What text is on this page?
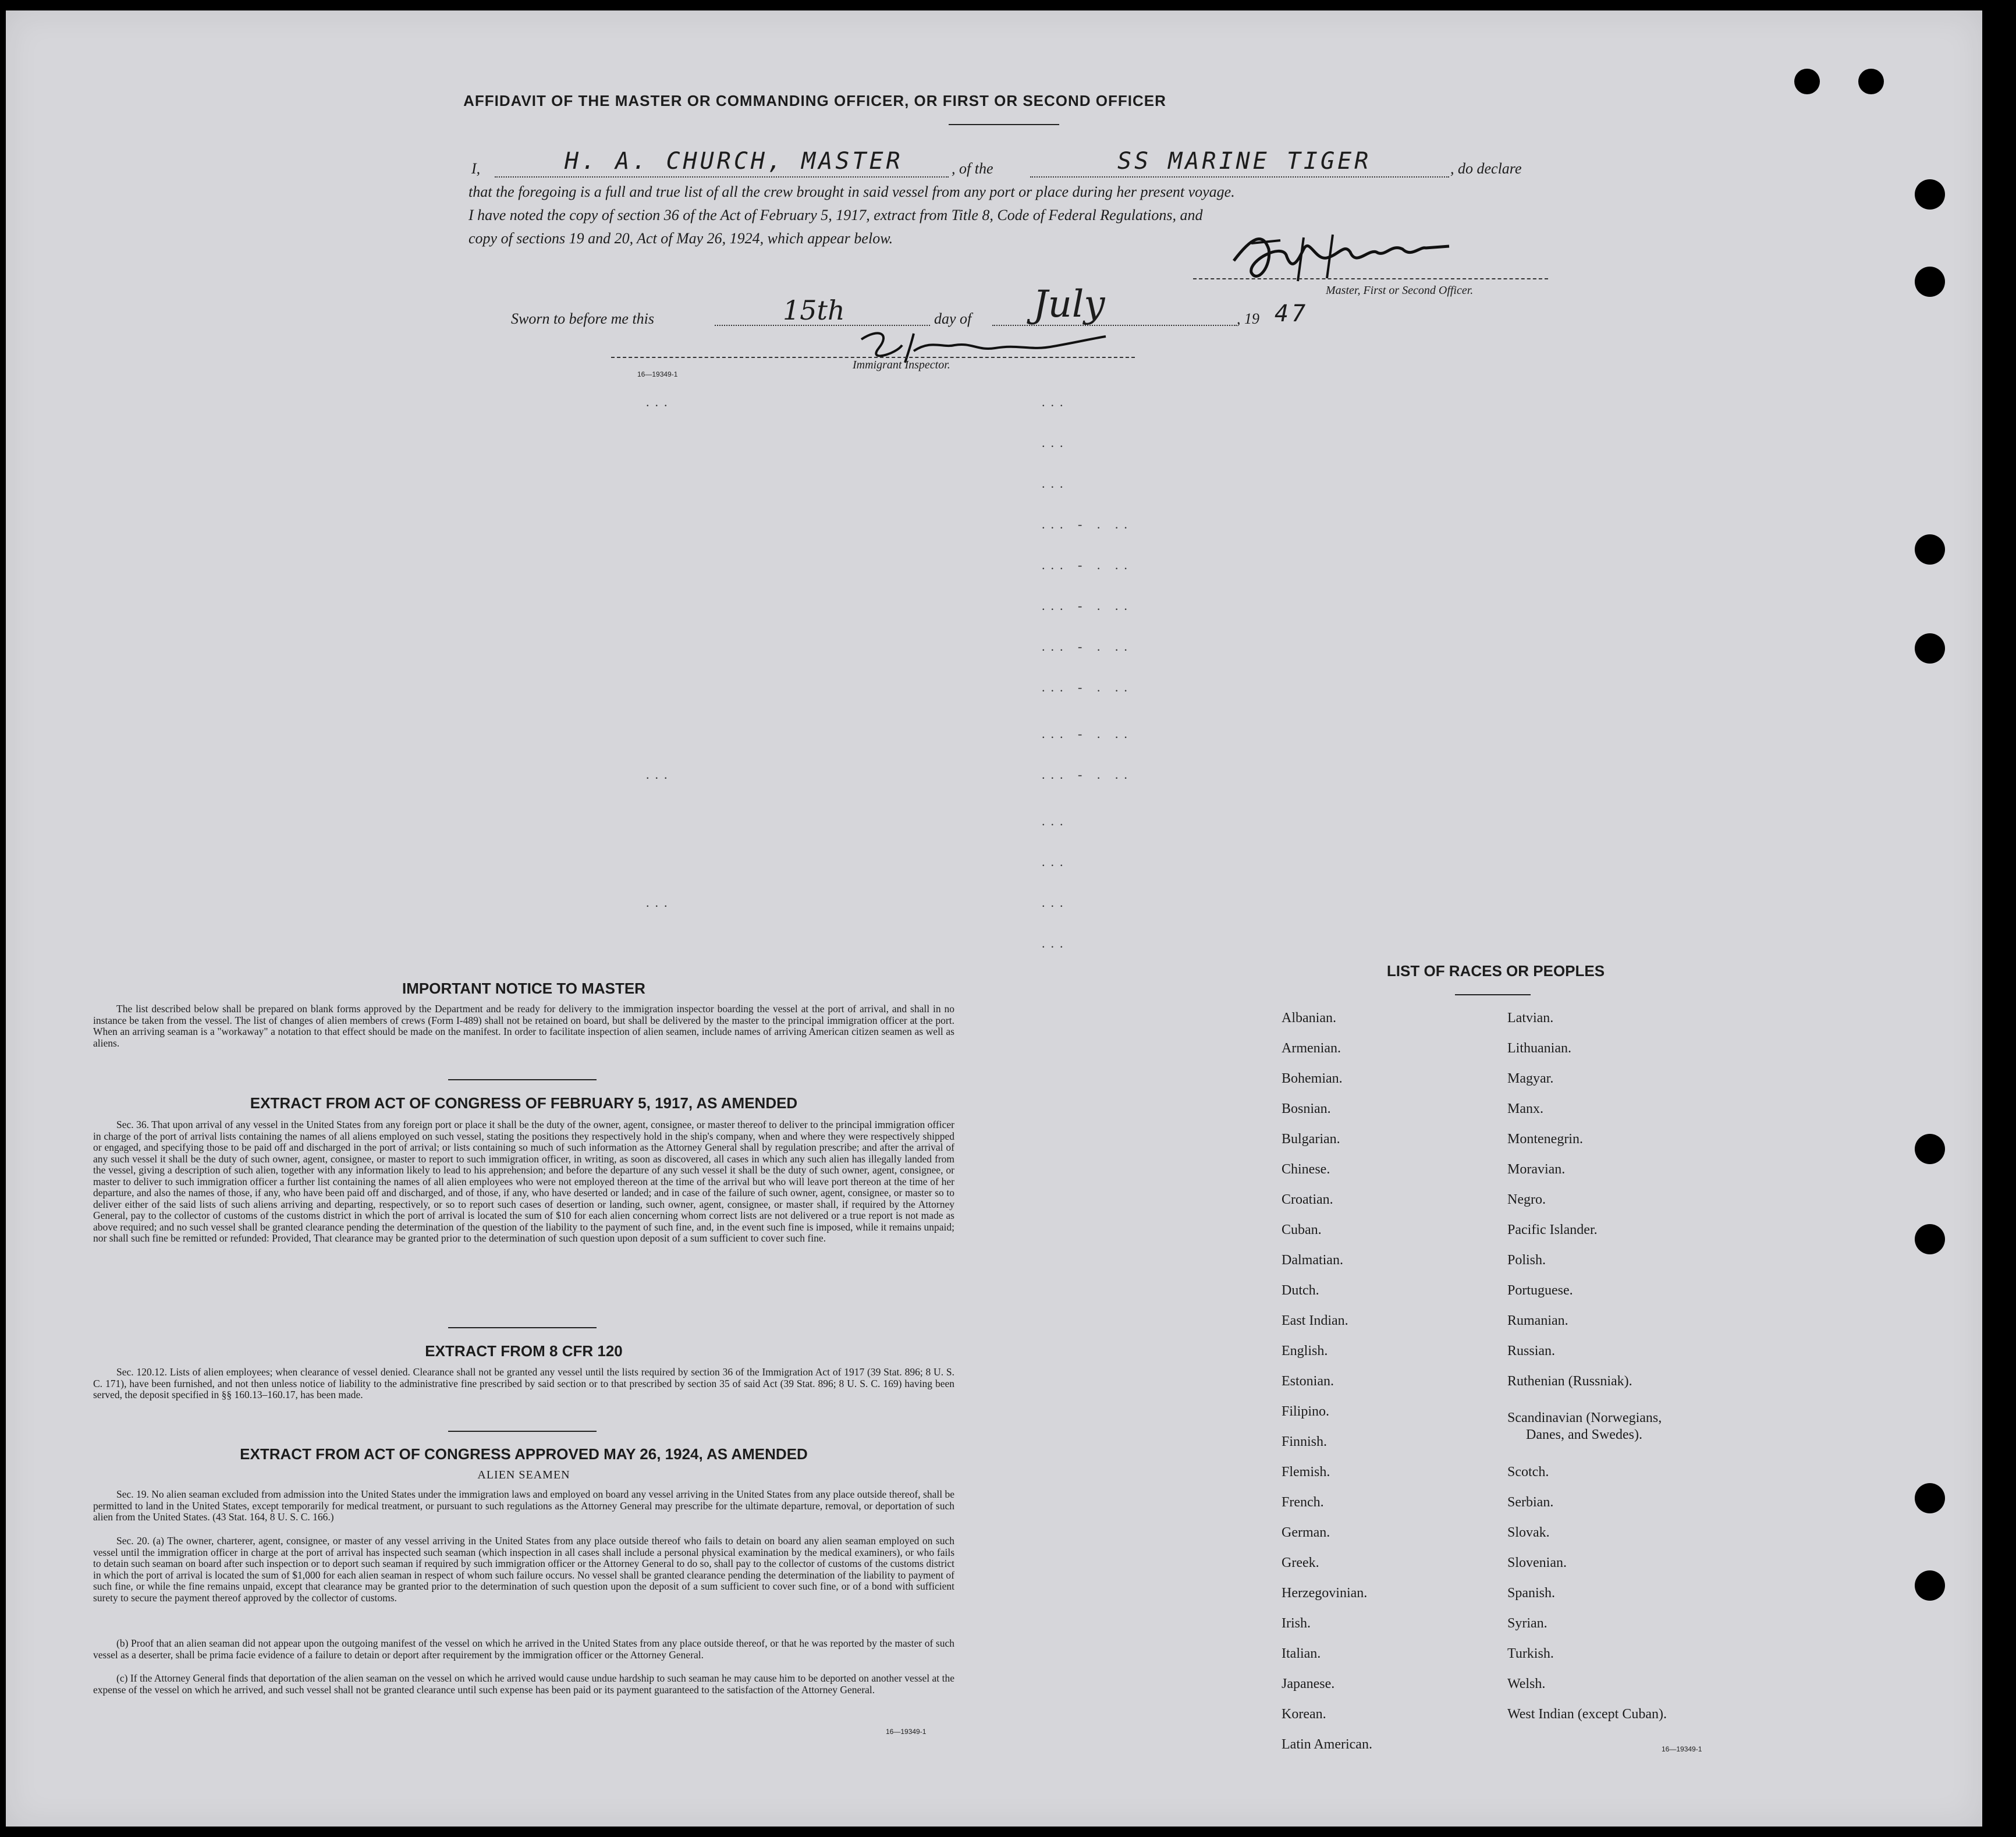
AFFIDAVIT OF THE MASTER OR COMMANDING OFFICER, OR FIRST OR SECOND OFFICER
I,	H. A. CHURCH, MASTER	, of the	SS MARINE TIGER	, do declare
that the foregoing is a full and true list of all the crew brought in said vessel from any port or place during her present voyage.
I have noted the copy of section 36 of the Act of February 5, 1917, extract from Title 8, Code of Federal Regulations, and
copy of sections 19 and 20, Act of May 26, 1924, which appear below.
Master, First or Second Officer.
Sworn to before me this	15th	day of July	, 19 47
16—19349-1
Immigrant Inspector.
...	...
...
...
... - . ..
... - . ..
... - . ..
... - . ..
... - . ..
... - . ..
...	... - . ..
...
...
...	...
...
IMPORTANT NOTICE TO MASTER
The list described below shall be prepared on blank forms approved by the Department and be ready for delivery to the immigration inspector boarding the vessel at the port of arrival, and shall in no instance be taken from the vessel. The list of changes of alien members of crews (Form I-489) shall not be retained on board, but shall be delivered by the master to the principal immigration officer at the port. When an arriving seaman is a "workaway" a notation to that effect should be made on the manifest. In order to facilitate inspection of alien seamen, include names of arriving American citizen seamen as well as aliens.
EXTRACT FROM ACT OF CONGRESS OF FEBRUARY 5, 1917, AS AMENDED
Sec. 36. That upon arrival of any vessel in the United States from any foreign port or place it shall be the duty of the owner, agent, consignee, or master thereof to deliver to the principal immigration officer in charge of the port of arrival lists containing the names of all aliens employed on such vessel, stating the positions they respectively hold in the ship's company, when and where they were respectively shipped or engaged, and specifying those to be paid off and discharged in the port of arrival; or lists containing so much of such information as the Attorney General shall by regulation prescribe; and after the arrival of any such vessel it shall be the duty of such owner, agent, consignee, or master to report to such immigration officer, in writing, as soon as discovered, all cases in which any such alien has illegally landed from the vessel, giving a description of such alien, together with any information likely to lead to his apprehension; and before the departure of any such vessel it shall be the duty of such owner, agent, consignee, or master to deliver to such immigration officer a further list containing the names of all alien employees who were not employed thereon at the time of the arrival but who will leave port thereon at the time of her departure, and also the names of those, if any, who have been paid off and discharged, and of those, if any, who have deserted or landed; and in case of the failure of such owner, agent, consignee, or master so to deliver either of the said lists of such aliens arriving and departing, respectively, or so to report such cases of desertion or landing, such owner, agent, consignee, or master shall, if required by the Attorney General, pay to the collector of customs of the customs district in which the port of arrival is located the sum of $10 for each alien concerning whom correct lists are not delivered or a true report is not made as above required; and no such vessel shall be granted clearance pending the determination of the question of the liability to the payment of such fine, and, in the event such fine is imposed, while it remains unpaid; nor shall such fine be remitted or refunded: Provided, That clearance may be granted prior to the determination of such question upon deposit of a sum sufficient to cover such fine.
EXTRACT FROM 8 CFR 120
Sec. 120.12. Lists of alien employees; when clearance of vessel denied. Clearance shall not be granted any vessel until the lists required by section 36 of the Immigration Act of 1917 (39 Stat. 896; 8 U. S. C. 171), have been furnished, and not then unless notice of liability to the administrative fine prescribed by said section or to that prescribed by section 35 of said Act (39 Stat. 896; 8 U. S. C. 169) having been served, the deposit specified in §§ 160.13–160.17, has been made.
EXTRACT FROM ACT OF CONGRESS APPROVED MAY 26, 1924, AS AMENDED
ALIEN SEAMEN
Sec. 19. No alien seaman excluded from admission into the United States under the immigration laws and employed on board any vessel arriving in the United States from any place outside thereof, shall be permitted to land in the United States, except temporarily for medical treatment, or pursuant to such regulations as the Attorney General may prescribe for the ultimate departure, removal, or deportation of such alien from the United States. (43 Stat. 164, 8 U. S. C. 166.)
Sec. 20. (a) The owner, charterer, agent, consignee, or master of any vessel arriving in the United States from any place outside thereof who fails to detain on board any alien seaman employed on such vessel until the immigration officer in charge at the port of arrival has inspected such seaman (which inspection in all cases shall include a personal physical examination by the medical examiners), or who fails to detain such seaman on board after such inspection or to deport such seaman if required by such immigration officer or the Attorney General to do so, shall pay to the collector of customs of the customs district in which the port of arrival is located the sum of $1,000 for each alien seaman in respect of whom such failure occurs. No vessel shall be granted clearance pending the determination of the liability to payment of such fine, or while the fine remains unpaid, except that clearance may be granted prior to the determination of such question upon the deposit of a sum sufficient to cover such fine, or of a bond with sufficient surety to secure the payment thereof approved by the collector of customs.
(b) Proof that an alien seaman did not appear upon the outgoing manifest of the vessel on which he arrived in the United States from any place outside thereof, or that he was reported by the master of such vessel as a deserter, shall be prima facie evidence of a failure to detain or deport after requirement by the immigration officer or the Attorney General.
(c) If the Attorney General finds that deportation of the alien seaman on the vessel on which he arrived would cause undue hardship to such seaman he may cause him to be deported on another vessel at the expense of the vessel on which he arrived, and such vessel shall not be granted clearance until such expense has been paid or its payment guaranteed to the satisfaction of the Attorney General.
16—19349-1
LIST OF RACES OR PEOPLES
Albanian.
Armenian.
Bohemian.
Bosnian.
Bulgarian.
Chinese.
Croatian.
Cuban.
Dalmatian.
Dutch.
East Indian.
English.
Estonian.
Filipino.
Finnish.
Flemish.
French.
German.
Greek.
Herzegovinian.
Irish.
Italian.
Japanese.
Korean.
Latin American.
Latvian.
Lithuanian.
Magyar.
Manx.
Montenegrin.
Moravian.
Negro.
Pacific Islander.
Polish.
Portuguese.
Rumanian.
Russian.
Ruthenian (Russniak).
Scandinavian (Norwegians,
Danes, and Swedes).
Scotch.
Serbian.
Slovak.
Slovenian.
Spanish.
Syrian.
Turkish.
Welsh.
West Indian (except Cuban).
16—19349-1
